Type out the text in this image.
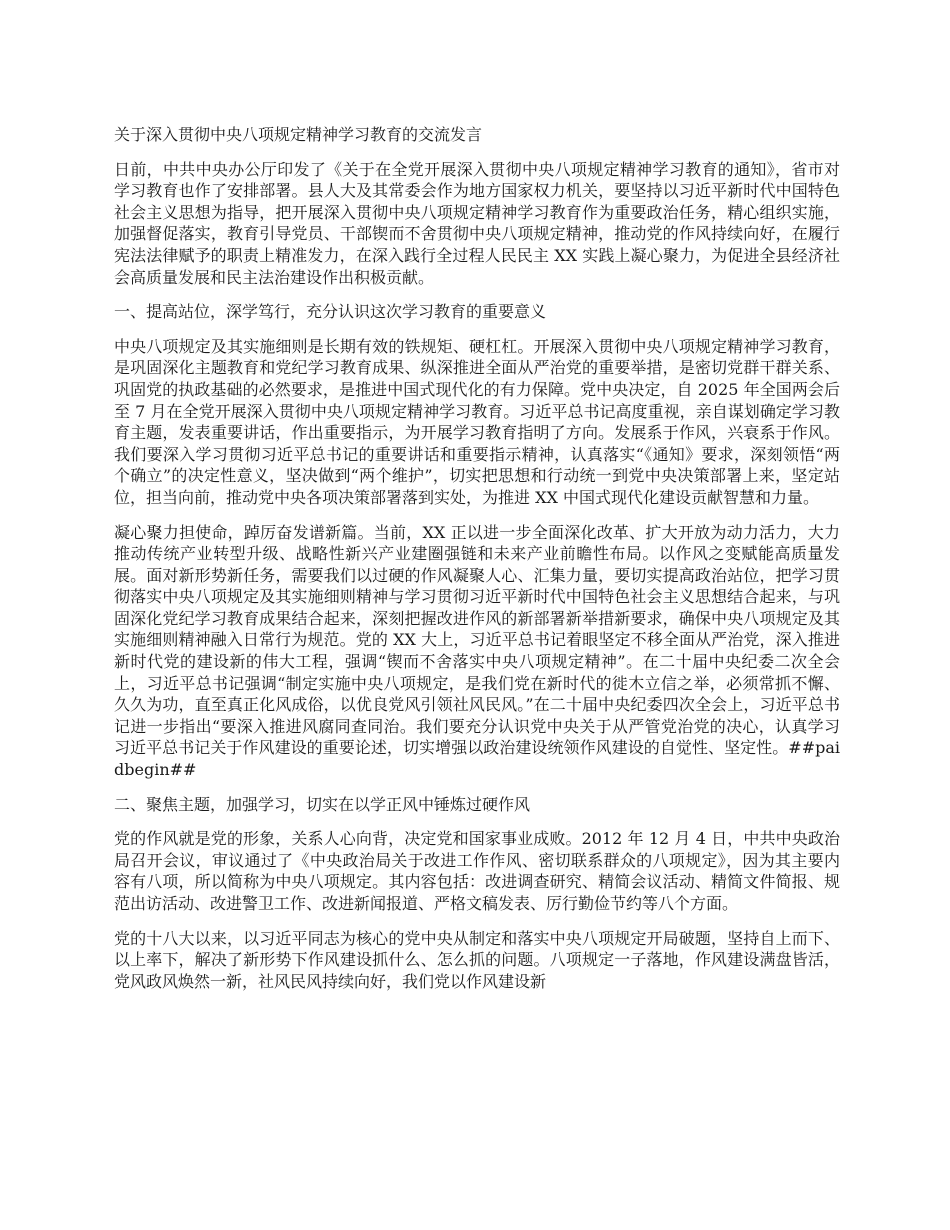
关于深入贯彻中央八项规定精神学习教育的交流发言

日前，中共中央办公厅印发了《关于在全党开展深入贯彻中央八项规定精神学习教育的通知》，省市对学习教育也作了安排部署。县人大及其常委会作为地方国家权力机关，要坚持以习近平新时代中国特色社会主义思想为指导，把开展深入贯彻中央八项规定精神学习教育作为重要政治任务，精心组织实施，加强督促落实，教育引导党员、干部锲而不舍贯彻中央八项规定精神，推动党的作风持续向好，在履行宪法法律赋予的职责上精准发力，在深入践行全过程人民民主 XX 实践上凝心聚力，为促进全县经济社会高质量发展和民主法治建设作出积极贡献。

一、提高站位，深学笃行，充分认识这次学习教育的重要意义

中央八项规定及其实施细则是长期有效的铁规矩、硬杠杠。开展深入贯彻中央八项规定精神学习教育，是巩固深化主题教育和党纪学习教育成果、纵深推进全面从严治党的重要举措，是密切党群干群关系、巩固党的执政基础的必然要求，是推进中国式现代化的有力保障。党中央决定，自 2025 年全国两会后至 7 月在全党开展深入贯彻中央八项规定精神学习教育。习近平总书记高度重视，亲自谋划确定学习教育主题，发表重要讲话，作出重要指示，为开展学习教育指明了方向。发展系于作风，兴衰系于作风。我们要深入学习贯彻习近平总书记的重要讲话和重要指示精神，认真落实“《通知》要求，深刻领悟“两个确立”的决定性意义，坚决做到“两个维护”，切实把思想和行动统一到党中央决策部署上来，坚定站位，担当向前，推动党中央各项决策部署落到实处，为推进 XX 中国式现代化建设贡献智慧和力量。

凝心聚力担使命，踔厉奋发谱新篇。当前，XX 正以进一步全面深化改革、扩大开放为动力活力，大力推动传统产业转型升级、战略性新兴产业建圈强链和未来产业前瞻性布局。以作风之变赋能高质量发展。面对新形势新任务，需要我们以过硬的作风凝聚人心、汇集力量，要切实提高政治站位，把学习贯彻落实中央八项规定及其实施细则精神与学习贯彻习近平新时代中国特色社会主义思想结合起来，与巩固深化党纪学习教育成果结合起来，深刻把握改进作风的新部署新举措新要求，确保中央八项规定及其实施细则精神融入日常行为规范。党的 XX 大上，习近平总书记着眼坚定不移全面从严治党，深入推进新时代党的建设新的伟大工程，强调“锲而不舍落实中央八项规定精神”。在二十届中央纪委二次全会上，习近平总书记强调“制定实施中央八项规定，是我们党在新时代的徙木立信之举，必须常抓不懈、久久为功，直至真正化风成俗，以优良党风引领社风民风。”在二十届中央纪委四次全会上，习近平总书记进一步指出“要深入推进风腐同查同治。我们要充分认识党中央关于从严管党治党的决心，认真学习习近平总书记关于作风建设的重要论述，切实增强以政治建设统领作风建设的自觉性、坚定性。##paidbegin##

二、聚焦主题，加强学习，切实在以学正风中锤炼过硬作风

党的作风就是党的形象，关系人心向背，决定党和国家事业成败。2012 年 12 月 4 日，中共中央政治局召开会议，审议通过了《中央政治局关于改进工作作风、密切联系群众的八项规定》，因为其主要内容有八项，所以简称为中央八项规定。其内容包括：改进调查研究、精简会议活动、精简文件简报、规范出访活动、改进警卫工作、改进新闻报道、严格文稿发表、厉行勤俭节约等八个方面。

党的十八大以来，以习近平同志为核心的党中央从制定和落实中央八项规定开局破题，坚持自上而下、以上率下，解决了新形势下作风建设抓什么、怎么抓的问题。八项规定一子落地，作风建设满盘皆活，党风政风焕然一新，社风民风持续向好，我们党以作风建设新
